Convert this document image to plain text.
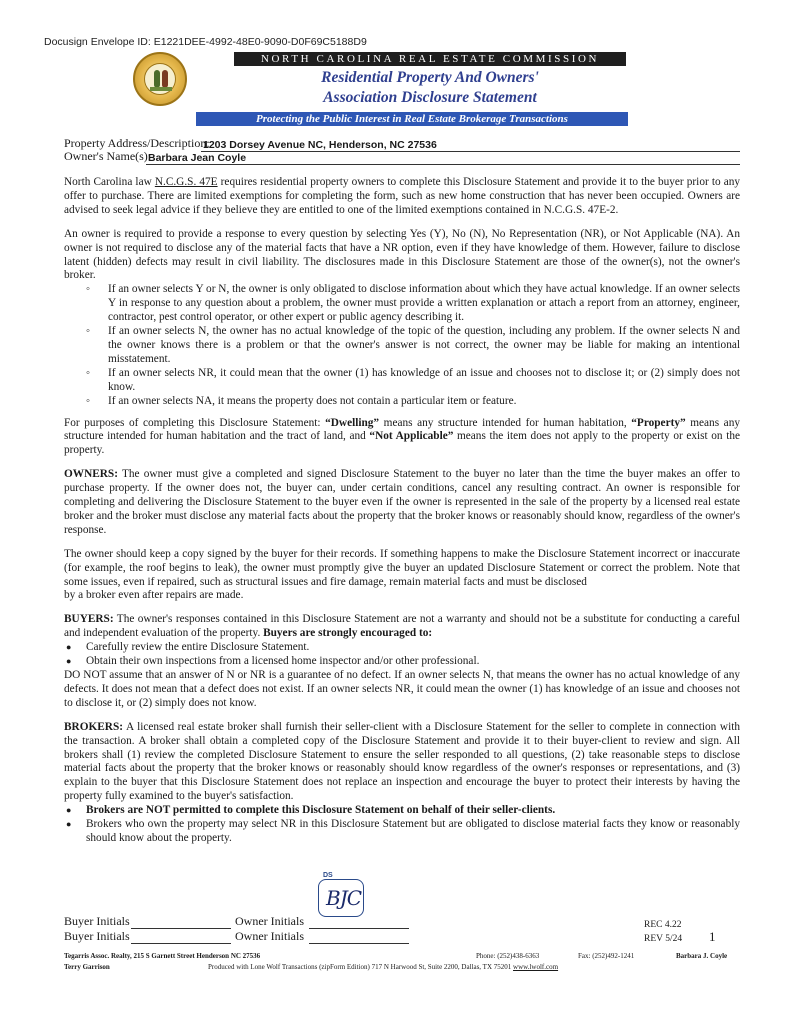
Docusign Envelope ID: E1221DEE-4992-48E0-9090-D0F69C5188D9
NORTH CAROLINA REAL ESTATE COMMISSION
Residential Property And Owners'
Association Disclosure Statement
Protecting the Public Interest in Real Estate Brokerage Transactions
Property Address/Description:
1203 Dorsey Avenue NC, Henderson, NC 27536
Owner's Name(s):
Barbara Jean Coyle

North Carolina law N.C.G.S. 47E requires residential property owners to complete this Disclosure Statement and provide it to the buyer prior to any offer to purchase. There are limited exemptions for completing the form, such as new home construction that has never been occupied. Owners are advised to seek legal advice if they believe they are entitled to one of the limited exemptions contained in N.C.G.S. 47E-2.

An owner is required to provide a response to every question by selecting Yes (Y), No (N), No Representation (NR), or Not Applicable (NA). An owner is not required to disclose any of the material facts that have a NR option, even if they have knowledge of them. However, failure to disclose latent (hidden) defects may result in civil liability. The disclosures made in this Disclosure Statement are those of the owner(s), not the owner's broker.

◦ If an owner selects Y or N, the owner is only obligated to disclose information about which they have actual knowledge. If an owner selects Y in response to any question about a problem, the owner must provide a written explanation or attach a report from an attorney, engineer, contractor, pest control operator, or other expert or public agency describing it.
◦ If an owner selects N, the owner has no actual knowledge of the topic of the question, including any problem. If the owner selects N and the owner knows there is a problem or that the owner's answer is not correct, the owner may be liable for making an intentional misstatement.
◦ If an owner selects NR, it could mean that the owner (1) has knowledge of an issue and chooses not to disclose it; or (2) simply does not know.
◦ If an owner selects NA, it means the property does not contain a particular item or feature.

For purposes of completing this Disclosure Statement: “Dwelling” means any structure intended for human habitation, “Property” means any structure intended for human habitation and the tract of land, and “Not Applicable” means the item does not apply to the property or exist on the property.

OWNERS: The owner must give a completed and signed Disclosure Statement to the buyer no later than the time the buyer makes an offer to purchase property. If the owner does not, the buyer can, under certain conditions, cancel any resulting contract. An owner is responsible for completing and delivering the Disclosure Statement to the buyer even if the owner is represented in the sale of the property by a licensed real estate broker and the broker must disclose any material facts about the property that the broker knows or reasonably should know, regardless of the owner's response.

The owner should keep a copy signed by the buyer for their records. If something happens to make the Disclosure Statement incorrect or inaccurate (for example, the roof begins to leak), the owner must promptly give the buyer an updated Disclosure Statement or correct the problem. Note that some issues, even if repaired, such as structural issues and fire damage, remain material facts and must be disclosed
by a broker even after repairs are made.

BUYERS: The owner's responses contained in this Disclosure Statement are not a warranty and should not be a substitute for conducting a careful and independent evaluation of the property. Buyers are strongly encouraged to:

● Carefully review the entire Disclosure Statement.
● Obtain their own inspections from a licensed home inspector and/or other professional.

DO NOT assume that an answer of N or NR is a guarantee of no defect. If an owner selects N, that means the owner has no actual knowledge of any defects. It does not mean that a defect does not exist. If an owner selects NR, it could mean the owner (1) has knowledge of an issue and chooses not to disclose it, or (2) simply does not know.

BROKERS: A licensed real estate broker shall furnish their seller-client with a Disclosure Statement for the seller to complete in connection with the transaction. A broker shall obtain a completed copy of the Disclosure Statement and provide it to their buyer-client to review and sign. All brokers shall (1) review the completed Disclosure Statement to ensure the seller responded to all questions, (2) take reasonable steps to disclose material facts about the property that the broker knows or reasonably should know regardless of the owner's responses or representations, and (3) explain to the buyer that this Disclosure Statement does not replace an inspection and encourage the buyer to protect their interests by having the property fully examined to the buyer's satisfaction.

● Brokers are NOT permitted to complete this Disclosure Statement on behalf of their seller-clients.
● Brokers who own the property may select NR in this Disclosure Statement but are obligated to disclose material facts they know or reasonably should know about the property.
DS
BJC
Buyer Initials	Owner Initials
Buyer Initials	Owner Initials
REC 4.22
REV 5/24 1
Tegarris Assoc. Realty, 215 S Garnett Street Henderson NC 27536
Terry Garrison
Phone: (252)438-6363	Fax: (252)492-1241	Barbara J. Coyle
Produced with Lone Wolf Transactions (zipForm Edition) 717 N Harwood St, Suite 2200, Dallas, TX 75201 www.lwolf.com
